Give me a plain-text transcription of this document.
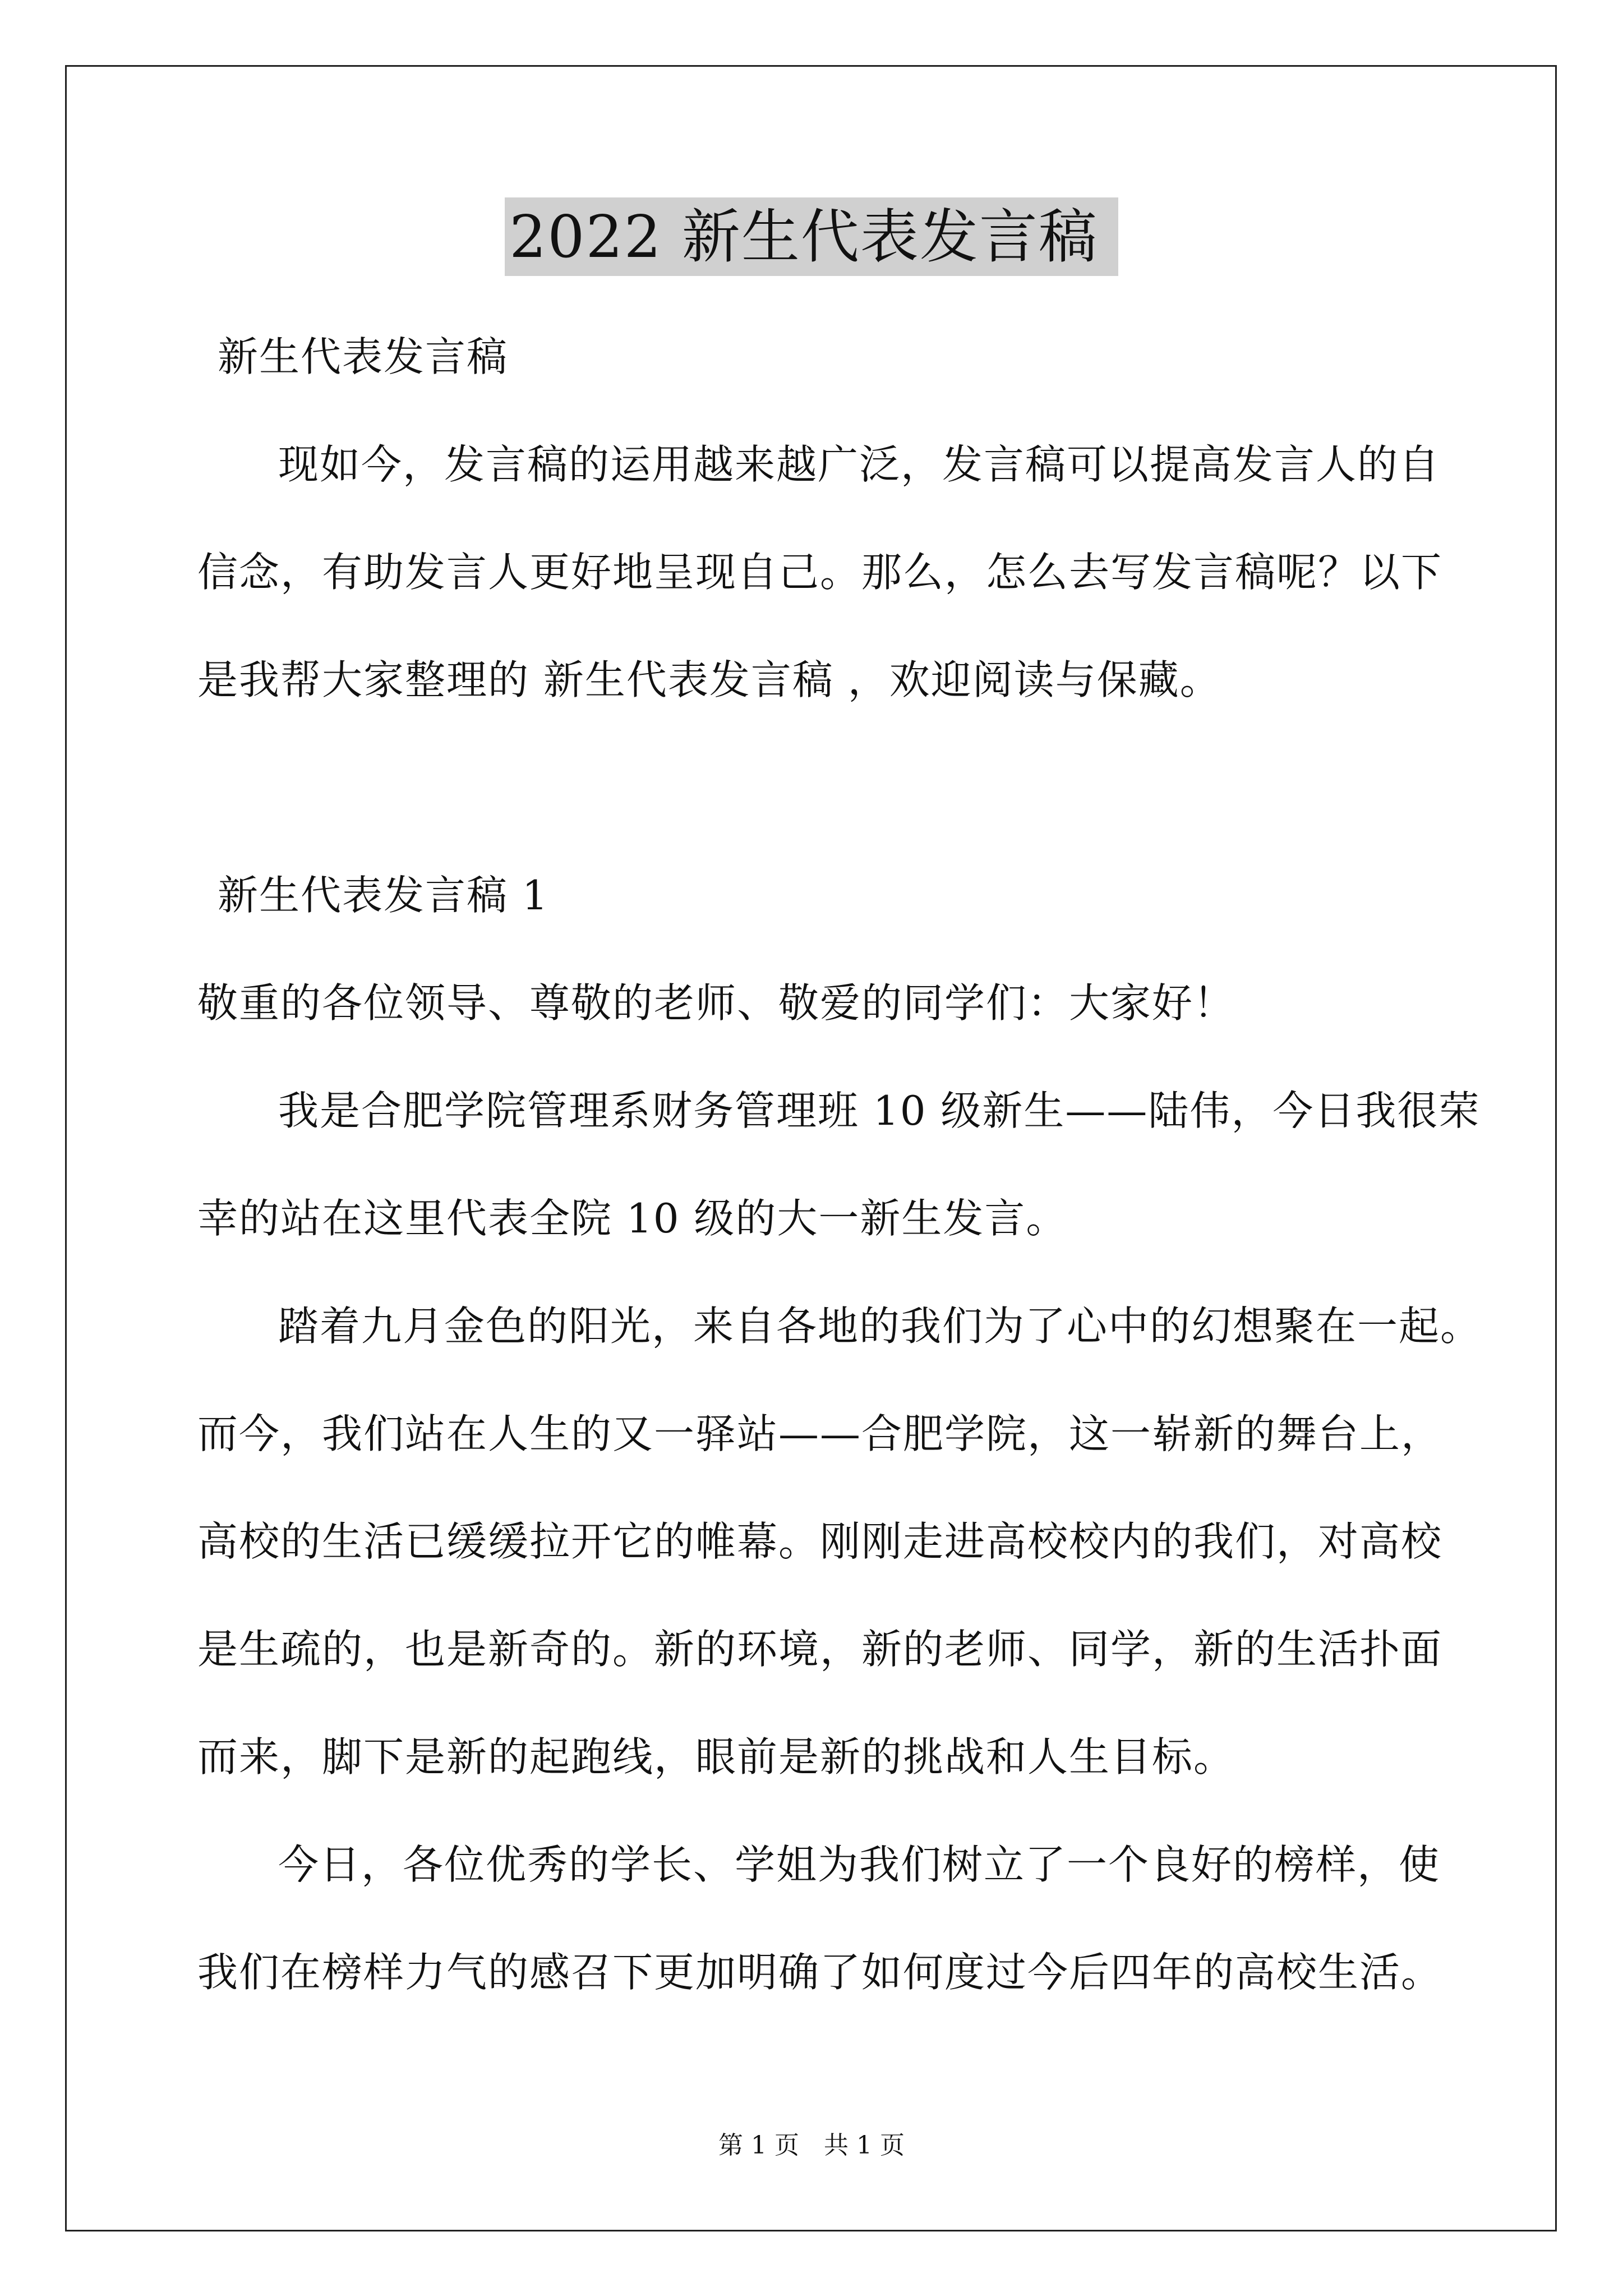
2022 新生代表发言稿
新生代表发言稿
现如今，发言稿的运用越来越广泛，发言稿可以提高发言人的自
信念，有助发言人更好地呈现自己。那么，怎么去写发言稿呢？以下
是我帮大家整理的 新生代表发言稿 ，欢迎阅读与保藏。
新生代表发言稿 1
敬重的各位领导、尊敬的老师、敬爱的同学们：大家好！
我是合肥学院管理系财务管理班 10 级新生——陆伟，今日我很荣
幸的站在这里代表全院 10 级的大一新生发言。
踏着九月金色的阳光，来自各地的我们为了心中的幻想聚在一起。
而今，我们站在人生的又一驿站——合肥学院，这一崭新的舞台上，
高校的生活已缓缓拉开它的帷幕。刚刚走进高校校内的我们，对高校
是生疏的，也是新奇的。新的环境，新的老师、同学，新的生活扑面
而来，脚下是新的起跑线，眼前是新的挑战和人生目标。
今日，各位优秀的学长、学姐为我们树立了一个良好的榜样，使
我们在榜样力气的感召下更加明确了如何度过今后四年的高校生活。
第 1 页　共 1 页
